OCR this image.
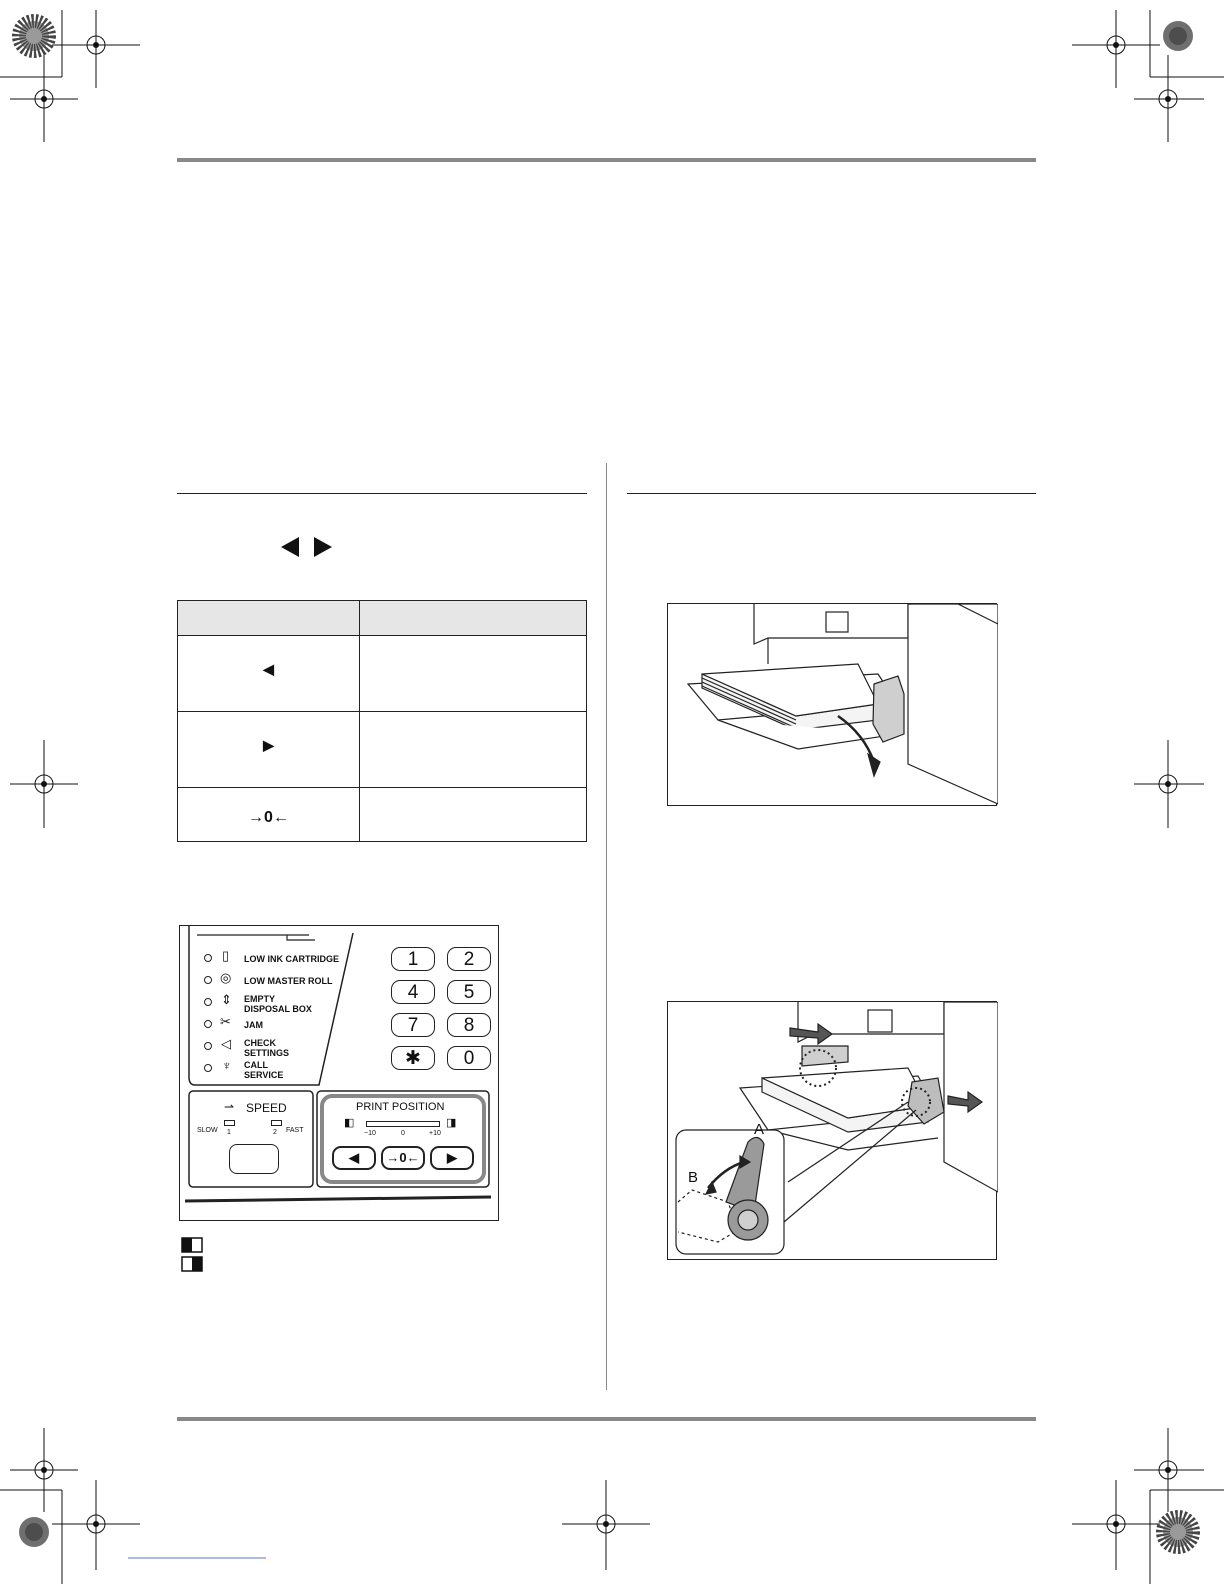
◀
▶
→0←
▯ LOW INK CARTRIDGE
◎ LOW MASTER ROLL
⇕ EMPTY
DISPOSAL BOX
✂ JAM
◁ CHECK
SETTINGS
♆ CALL
SERVICE
1	2
4	5
7	8
✱	0
⇀ SPEED
SLOW	FAST
1	2
PRINT POSITION
◧	◨
−10	0	+10
◀	→0←	▶
A
B
